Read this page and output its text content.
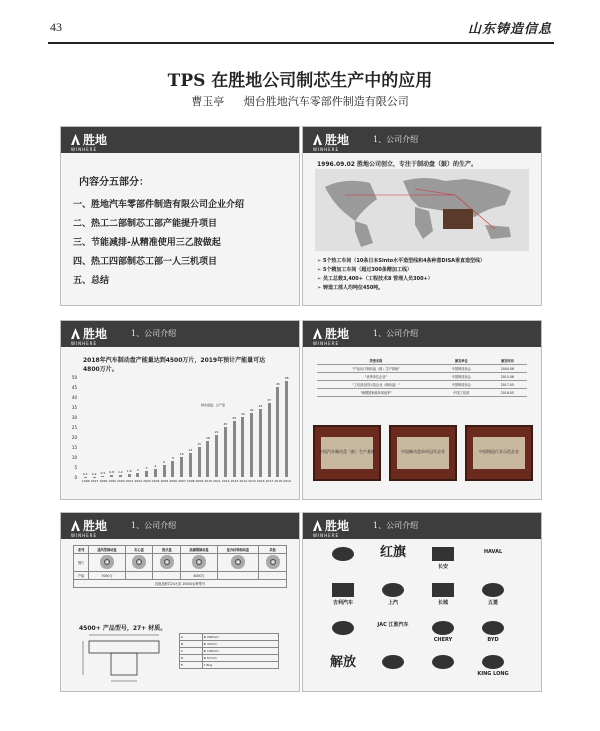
43	山东铸造信息
TPS 在胜地公司制芯生产中的应用
曹玉亭 烟台胜地汽车零部件制造有限公司
胜地
WINHERE
内容分五部分：
一、胜地汽车零部件制造有限公司企业介绍
二、热工二部制芯工部产能提升项目
三、节能减排-从精准使用三乙胺做起
四、热工四部制芯工部一人三机项目
五、总结
胜地
WINHERE
1、公司介绍
1996.09.02 胜地公司创立，专注于制动盘（鼓）的生产。
➢ 5个热工车间（10条日本Sinto水平造型线和4条种意DISA垂直造型线）
➢ 5个精加工车间（超过300条精加工线）
➢ 员工总数3,400+（工程技术8 管理人员300+）
➢ 铸造工部人均吨位450吨。
胜地
WINHERE
1、公司介绍
2018年汽车制动盘产能量达到4500万片，2019年预计产能量可达
4800万片。
制动盘鼓、总产量
50
45
40
35
30
25
20
15
10
5
0
0.1
1996
0.2
1997
0.5
1998
0.8
1999
1.2
2000
1.6
2001
2
2002
3
2003
4
2004
6
2005
8
2006
10
2007
12
2008
15
2009
18
2010
21
2011
25
2012
28
2013
30
2014
32
2015
34
2016
37
2017
45
2018
48
2019
胜地
WINHERE
1、公司介绍
荣誉名称	颁发单位	颁发时间
"产品出口制动盘（鼓）生产基地"	中国铸造协会	2004.06
"优秀单位企业"	中国铸造协会	2015.06
"工信部全国示范企业（制动盘）"	中国铸造协会	2017.05
"黄钢国家级单项冠军"	中国工信部	2018.05
中国汽车制动盘（鼓）生产基地	中国制动盘单项冠军企业	中国铸造行业示范企业
胜地
WINHERE
1、公司介绍
系列	通风型制动盘	实心盘	鼓式盘	高碳钢制动盘	复合材料制动盘	其他
图片						
产能	7000万			4000万		
其他品种共24大类 15000余种型号						
4500+ 产品型号，27+ 材质。
A	Φ 296mm
B	Φ 34mm
C	Φ 136mm
D	Φ 67mm
E	7.5kg
胜地
WINHERE
1、公司介绍
红旗
长安
HAVAL
吉利汽车	上汽	长城	五菱
JAC 江淮汽车
CHERY	BYD
解放
KING LONG
